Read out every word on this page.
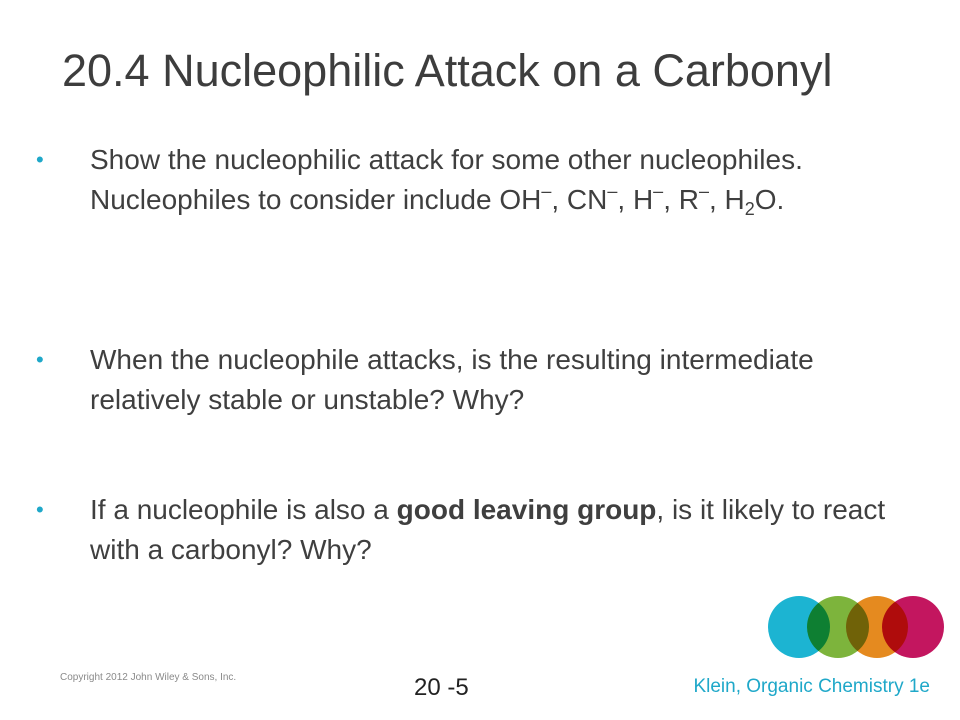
20.4 Nucleophilic Attack on a Carbonyl
• Show the nucleophilic attack for some other nucleophiles. Nucleophiles to consider include OH–, CN–, H–, R–, $H_2O$.
• When the nucleophile attacks, is the resulting intermediate relatively stable or unstable? Why?
• If a nucleophile is also a good leaving group, is it likely to react with a carbonyl? Why?
Copyright 2012 John Wiley & Sons, Inc.	20 -5	Klein, Organic Chemistry 1e
